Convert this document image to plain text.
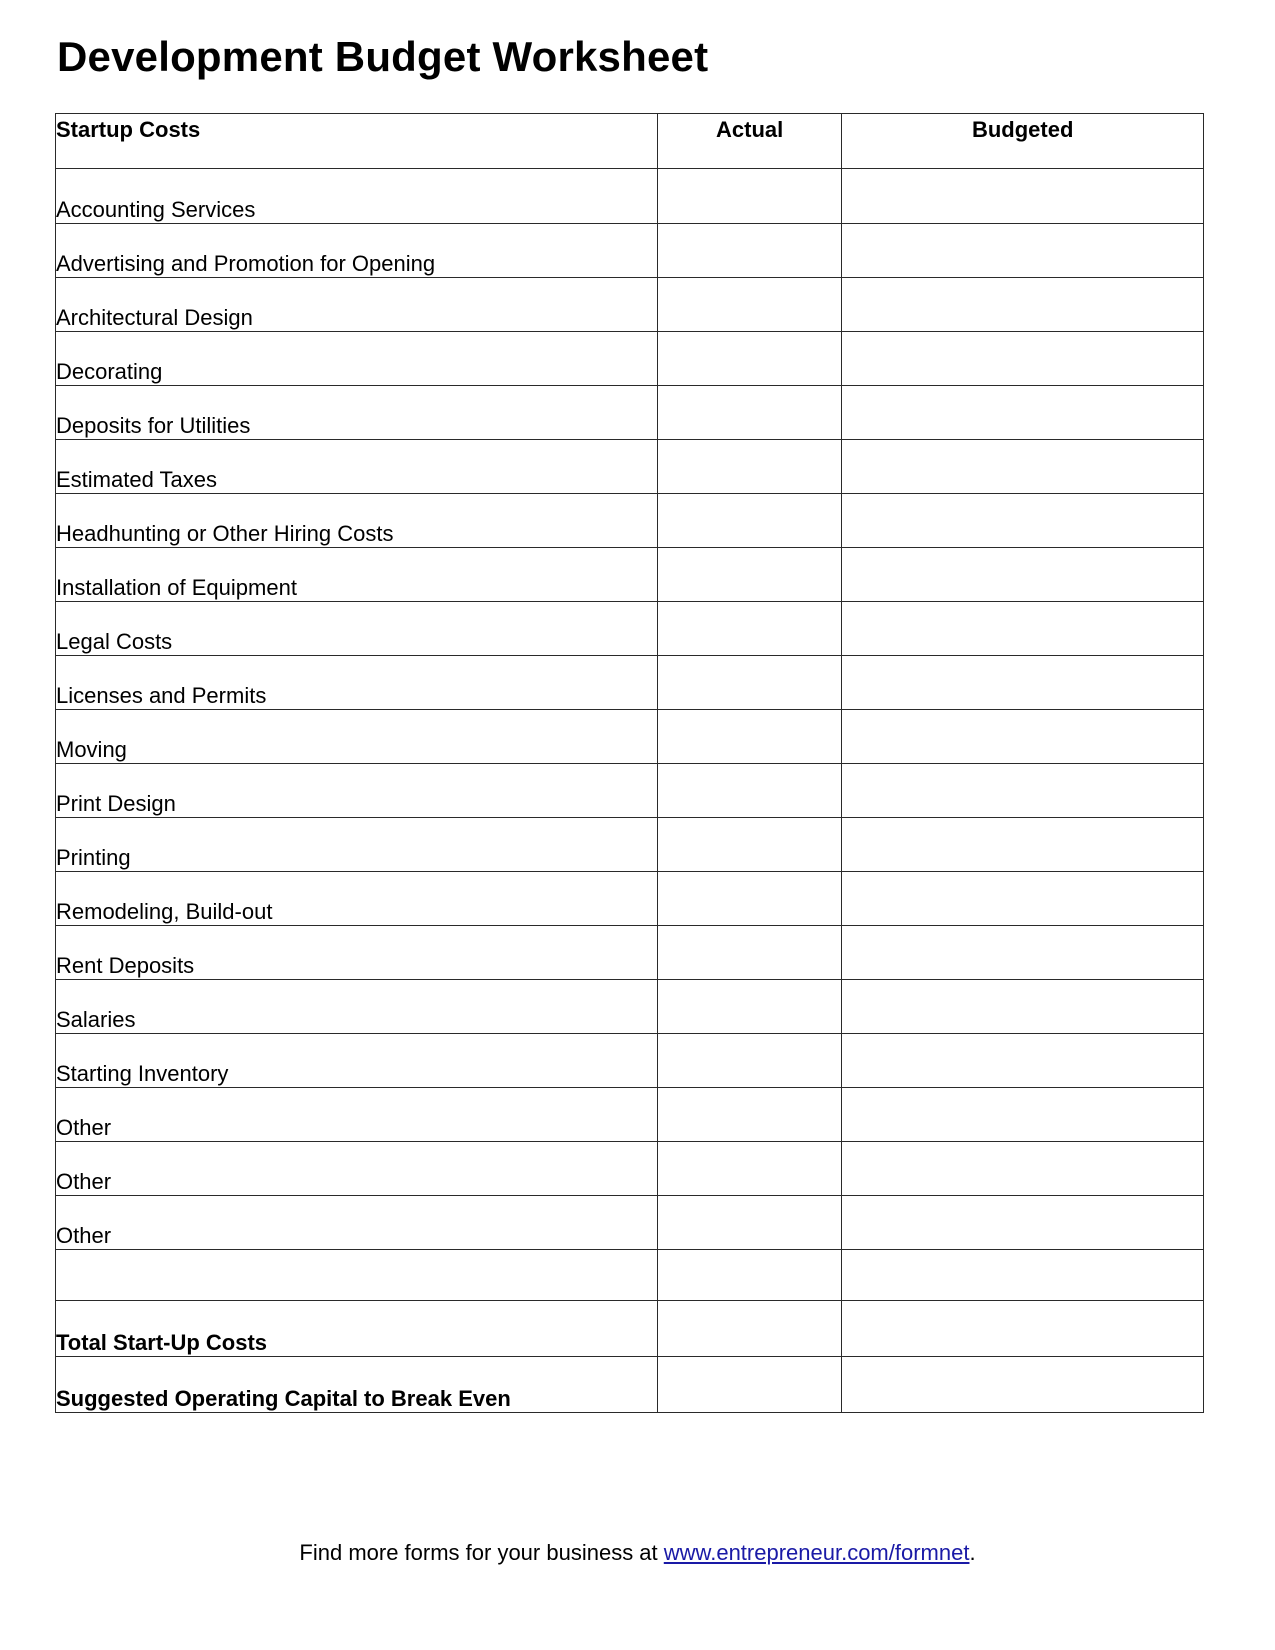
Development Budget Worksheet
Startup Costs	Actual	Budgeted
Accounting Services		
Advertising and Promotion for Opening		
Architectural Design		
Decorating		
Deposits for Utilities		
Estimated Taxes		
Headhunting or Other Hiring Costs		
Installation of Equipment		
Legal Costs		
Licenses and Permits		
Moving		
Print Design		
Printing		
Remodeling, Build-out		
Rent Deposits		
Salaries		
Starting Inventory		
Other		
Other		
Other		

Total Start-Up Costs		
Suggested Operating Capital to Break Even		
Find more forms for your business at www.entrepreneur.com/formnet.
